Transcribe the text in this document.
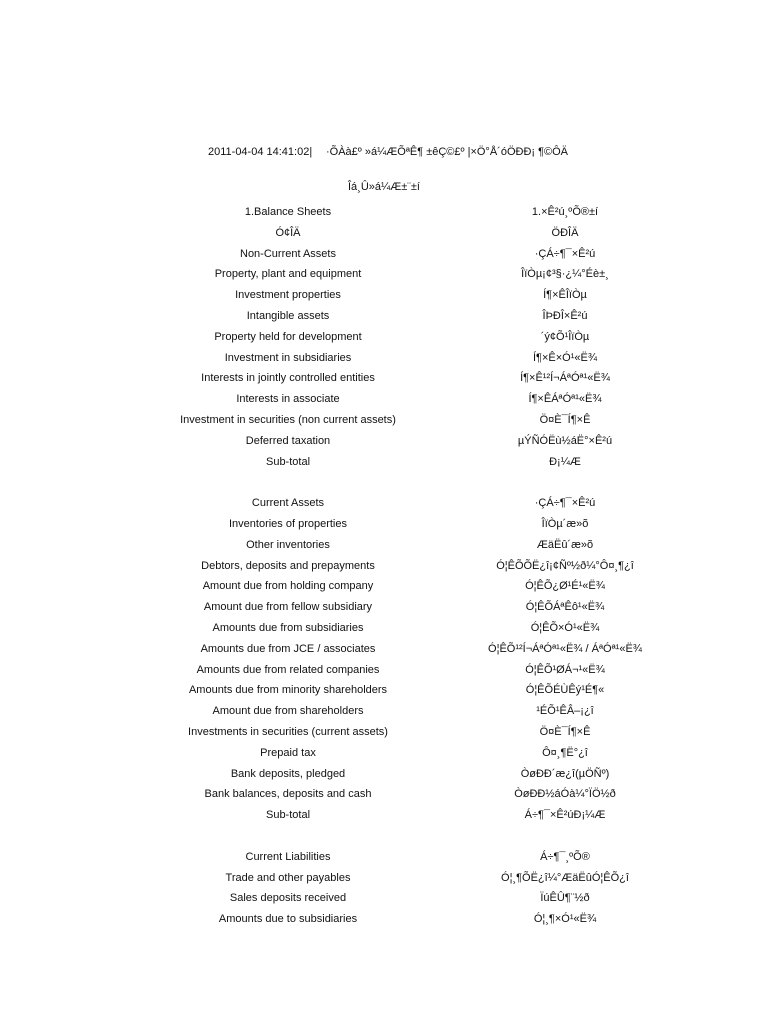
2011-04-04 14:41:02| ·ÕÀà£º »á¼ÆÕªÊ¶ ±êÇ©£º |×Ö°Å´óÖÐÐ¡ ¶©ÔÄ
Îá¸Û»á¼Æ±¨±í
1.Balance Sheets	1.×Ê²ú¸ºÕ®±í
Ó¢ÎÄ	ÖÐÎÄ
Non-Current Assets	·ÇÁ÷¶¯×Ê²ú
Property, plant and equipment	ÎïÒµ¡¢³§·¿¼°Éè±¸
Investment properties	Í¶×ÊÎïÒµ
Intangible assets	ÎÞÐÎ×Ê²ú
Property held for development	´ý¢Õ¹ÎïÒµ
Investment in subsidiaries	Í¶×Ê×Ó¹«Ë¾
Interests in jointly controlled entities	Í¶×Ê¹²Í¬ÁªÓª¹«Ë¾
Interests in associate	Í¶×ÊÁªÓª¹«Ë¾
Investment in securities (non current assets)	Ö¤È¯Í¶×Ê
Deferred taxation	µÝÑÓËù½áË°×Ê²ú
Sub-total	Ð¡¼Æ
Current Assets	·ÇÁ÷¶¯×Ê²ú
Inventories of properties	ÎïÒµ´æ»õ
Other inventories	ÆäËû´æ»õ
Debtors, deposits and prepayments	Ó¦ÊÕÕË¿î¡¢Ñº½ð¼°Ô¤¸¶¿î
Amount due from holding company	Ó¦ÊÕ¿Ø¹É¹«Ë¾
Amount due from fellow subsidiary	Ó¦ÊÕÁªÊô¹«Ë¾
Amounts due from subsidiaries	Ó¦ÊÕ×Ó¹«Ë¾
Amounts due from JCE / associates	Ó¦ÊÕ¹²Í¬ÁªÓª¹«Ë¾ / ÁªÓª¹«Ë¾
Amounts due from related companies	Ó¦ÊÕ¹ØÁ¬¹«Ë¾
Amounts due from minority shareholders	Ó¦ÊÕÉÙÊý¹É¶«
Amount due from shareholders	¹ÉÕ¹ÊÂ–¡¿î
Investments in securities (current assets)	Ö¤È¯Í¶×Ê
Prepaid tax	Ô¤¸¶Ë°¿î
Bank deposits, pledged	ÒøÐÐ´æ¿î(µÖÑº)
Bank balances, deposits and cash	ÒøÐÐ½áÓà¼°ÏÖ½ð
Sub-total	Á÷¶¯×Ê²úÐ¡¼Æ
Current Liabilities	Á÷¶¯¸ºÕ®
Trade and other payables	Ó¦¸¶ÕË¿î¼°ÆäËûÓ¦ÊÕ¿î
Sales deposits received	ÏúÊÛ¶¨½ð
Amounts due to subsidiaries	Ó¦¸¶×Ó¹«Ë¾
